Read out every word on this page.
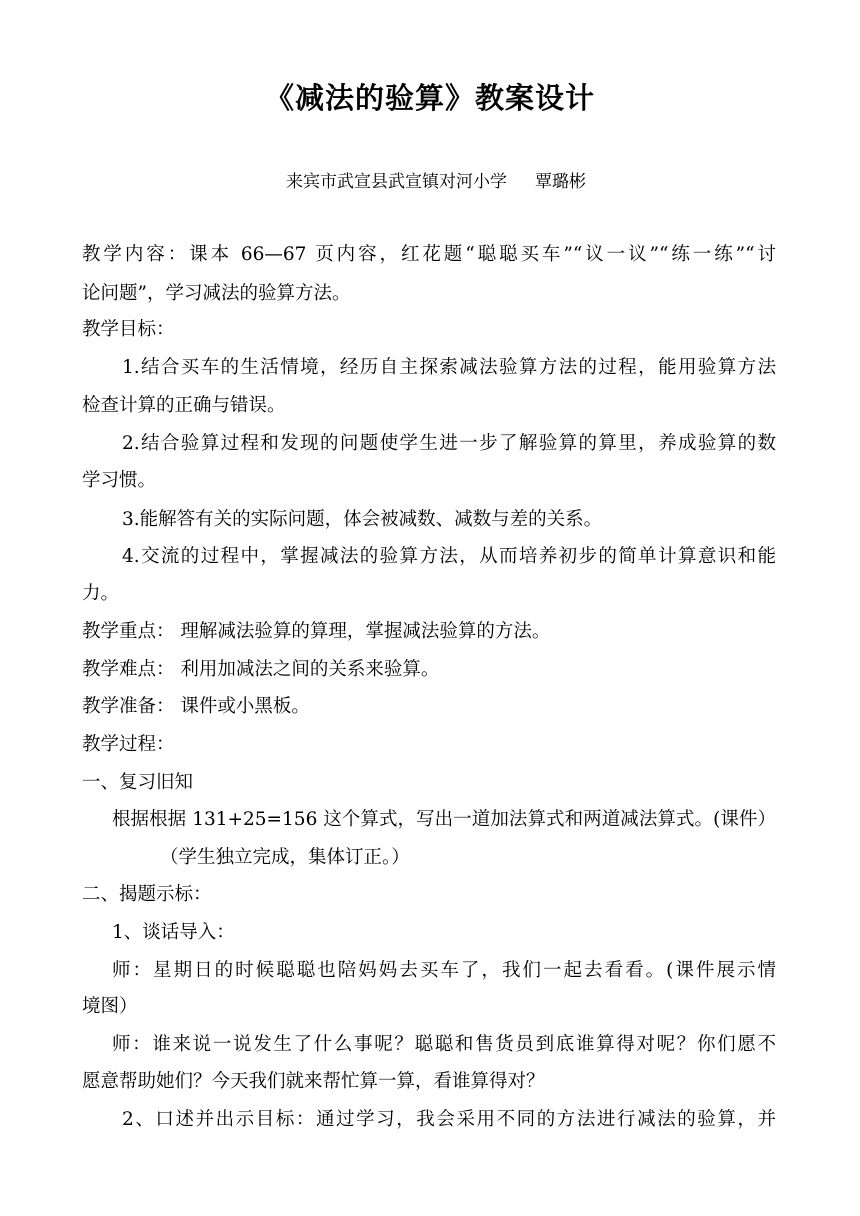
《减法的验算》教案设计
来宾市武宣县武宣镇对河小学 覃璐彬
教学内容：课本 66—67 页内容，红花题“聪聪买车”“议一议”“练一练”“讨
论问题”，学习减法的验算方法。
教学目标：
1.结合买车的生活情境，经历自主探索减法验算方法的过程，能用验算方法
检查计算的正确与错误。
2.结合验算过程和发现的问题使学生进一步了解验算的算里，养成验算的数
学习惯。
3.能解答有关的实际问题，体会被减数、减数与差的关系。
4.交流的过程中，掌握减法的验算方法，从而培养初步的简单计算意识和能
力。
教学重点： 理解减法验算的算理，掌握减法验算的方法。
教学难点： 利用加减法之间的关系来验算。
教学准备： 课件或小黑板。
教学过程：
一、复习旧知
根据根据 131+25=156 这个算式，写出一道加法算式和两道减法算式。(课件）
（学生独立完成，集体订正。）
二、揭题示标：
1、谈话导入：
师：星期日的时候聪聪也陪妈妈去买车了，我们一起去看看。(课件展示情
境图）
师：谁来说一说发生了什么事呢？聪聪和售货员到底谁算得对呢？你们愿不
愿意帮助她们？今天我们就来帮忙算一算，看谁算得对？
2、口述并出示目标：通过学习，我会采用不同的方法进行减法的验算，并
